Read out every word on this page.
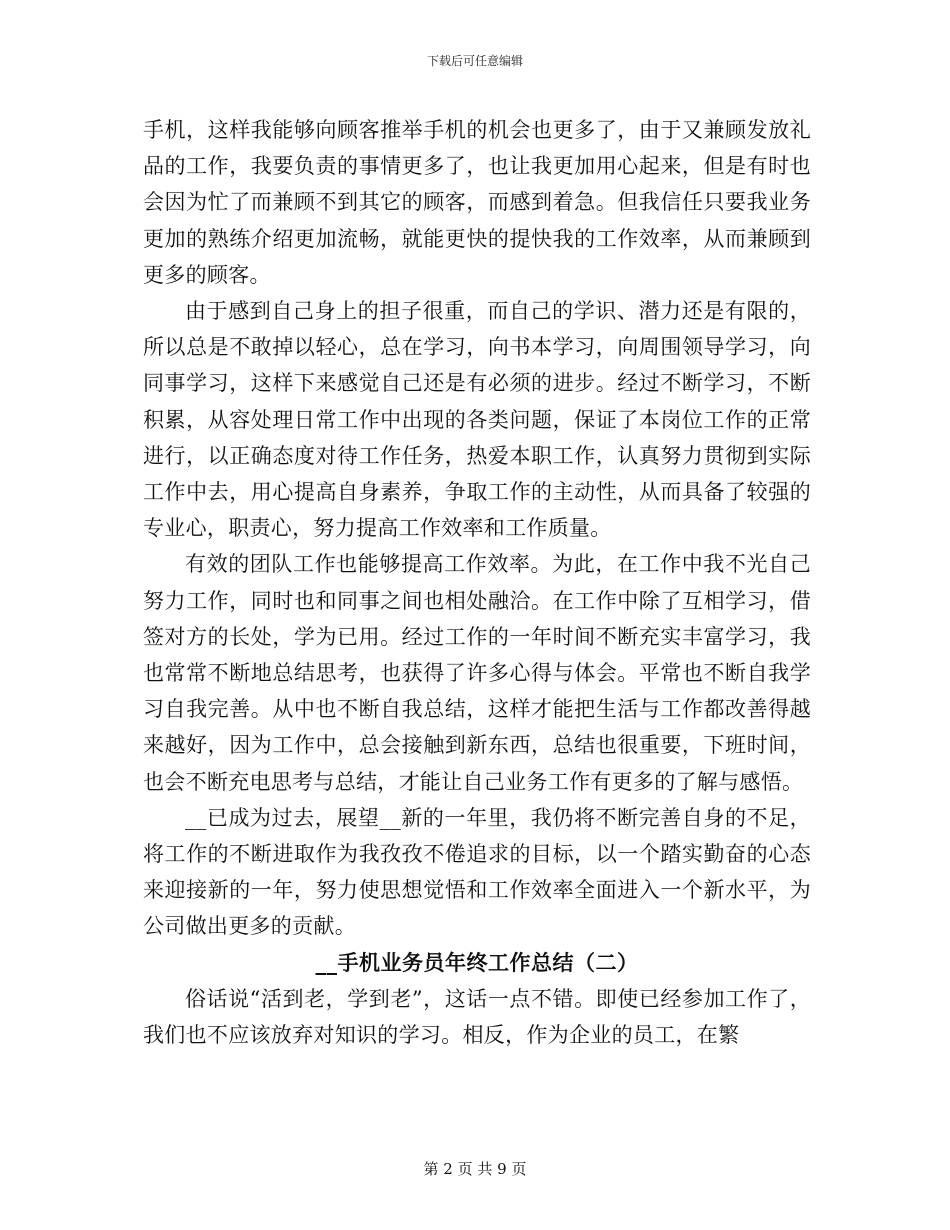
下载后可任意编辑

手机，这样我能够向顾客推举手机的机会也更多了，由于又兼顾发放礼品的工作，我要负责的事情更多了，也让我更加用心起来，但是有时也会因为忙了而兼顾不到其它的顾客，而感到着急。但我信任只要我业务更加的熟练介绍更加流畅，就能更快的提快我的工作效率，从而兼顾到更多的顾客。

由于感到自己身上的担子很重，而自己的学识、潜力还是有限的，所以总是不敢掉以轻心，总在学习，向书本学习，向周围领导学习，向同事学习，这样下来感觉自己还是有必须的进步。经过不断学习，不断积累，从容处理日常工作中出现的各类问题，保证了本岗位工作的正常进行，以正确态度对待工作任务，热爱本职工作，认真努力贯彻到实际工作中去，用心提高自身素养，争取工作的主动性，从而具备了较强的专业心，职责心，努力提高工作效率和工作质量。

有效的团队工作也能够提高工作效率。为此，在工作中我不光自己努力工作，同时也和同事之间也相处融洽。在工作中除了互相学习，借签对方的长处，学为已用。经过工作的一年时间不断充实丰富学习，我也常常不断地总结思考，也获得了许多心得与体会。平常也不断自我学习自我完善。从中也不断自我总结，这样才能把生活与工作都改善得越来越好，因为工作中，总会接触到新东西，总结也很重要，下班时间，也会不断充电思考与总结，才能让自己业务工作有更多的了解与感悟。

__已成为过去，展望__新的一年里，我仍将不断完善自身的不足，将工作的不断进取作为我孜孜不倦追求的目标，以一个踏实勤奋的心态来迎接新的一年，努力使思想觉悟和工作效率全面进入一个新水平，为公司做出更多的贡献。

__手机业务员年终工作总结（二）

俗话说“活到老，学到老”，这话一点不错。即使已经参加工作了，我们也不应该放弃对知识的学习。相反，作为企业的员工，在繁

第 2 页 共 9 页
